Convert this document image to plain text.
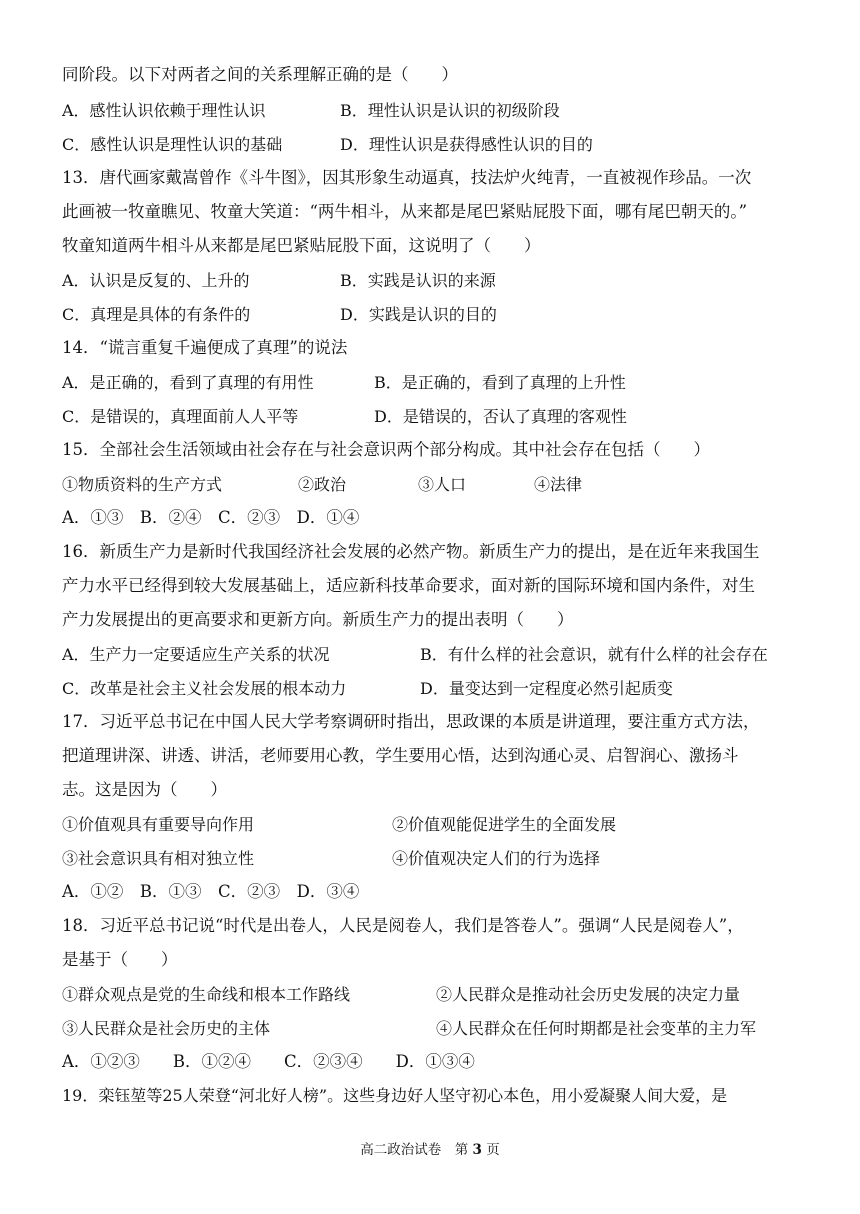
同阶段。以下对两者之间的关系理解正确的是（　　）
A．感性认识依赖于理性认识	B．理性认识是认识的初级阶段
C．感性认识是理性认识的基础	D．理性认识是获得感性认识的目的
13．唐代画家戴嵩曾作《斗牛图》，因其形象生动逼真，技法炉火纯青，一直被视作珍品。一次
此画被一牧童瞧见、牧童大笑道：“两牛相斗，从来都是尾巴紧贴屁股下面，哪有尾巴朝天的。”
牧童知道两牛相斗从来都是尾巴紧贴屁股下面，这说明了（　　）
A．认识是反复的、上升的	B．实践是认识的来源
C．真理是具体的有条件的	D．实践是认识的目的
14．“谎言重复千遍便成了真理”的说法
A．是正确的，看到了真理的有用性	B．是正确的，看到了真理的上升性
C．是错误的，真理面前人人平等	D．是错误的，否认了真理的客观性
15．全部社会生活领域由社会存在与社会意识两个部分构成。其中社会存在包括（　　）
①物质资料的生产方式	②政治	③人口	④法律
A．①③　B．②④　C．②③　D．①④
16．新质生产力是新时代我国经济社会发展的必然产物。新质生产力的提出，是在近年来我国生
产力水平已经得到较大发展基础上，适应新科技革命要求，面对新的国际环境和国内条件，对生
产力发展提出的更高要求和更新方向。新质生产力的提出表明（　　）
A．生产力一定要适应生产关系的状况	B．有什么样的社会意识，就有什么样的社会存在
C．改革是社会主义社会发展的根本动力	D．量变达到一定程度必然引起质变
17．习近平总书记在中国人民大学考察调研时指出，思政课的本质是讲道理，要注重方式方法，
把道理讲深、讲透、讲活，老师要用心教，学生要用心悟，达到沟通心灵、启智润心、激扬斗
志。这是因为（　　）
①价值观具有重要导向作用	②价值观能促进学生的全面发展
③社会意识具有相对独立性	④价值观决定人们的行为选择
A．①②　B．①③　C．②③　D．③④
18．习近平总书记说“时代是出卷人，人民是阅卷人，我们是答卷人”。强调“人民是阅卷人”，
是基于（　　）
①群众观点是党的生命线和根本工作路线	②人民群众是推动社会历史发展的决定力量
③人民群众是社会历史的主体	④人民群众在任何时期都是社会变革的主力军
A．①②③　　B．①②④　　C．②③④　　D．①③④
19．栾钰堃等25人荣登“河北好人榜”。这些身边好人坚守初心本色，用小爱凝聚人间大爱，是
高二政治试卷　第 3 页
